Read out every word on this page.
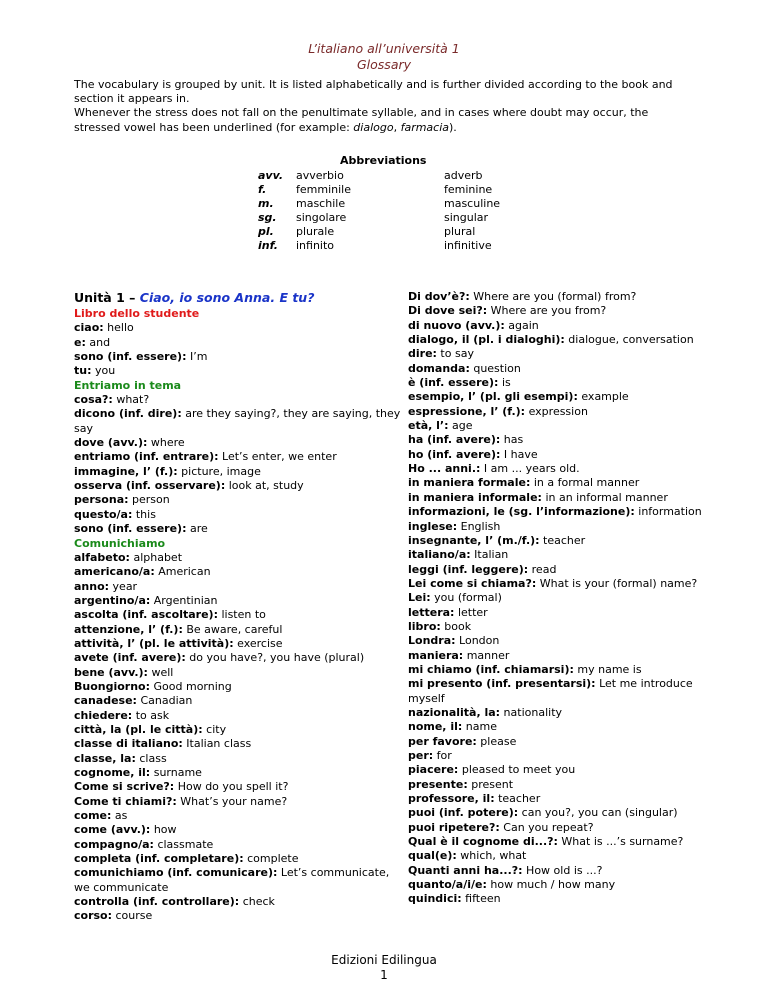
L’italiano all’università 1
Glossary

The vocabulary is grouped by unit. It is listed alphabetically and is further divided according to the book and section it appears in.

Whenever the stress does not fall on the penultimate syllable, and in cases where doubt may occur, the stressed vowel has been underlined (for example: dialogo, farmacia).

Abbreviations
avv. avverbio	adverb
f.	femminile	feminine
m. maschile	masculine
sg. singolare	singular
pl. plurale	plural
inf. infinito	infinitive
Unità 1 – Ciao, io sono Anna. E tu?
Libro dello studente
ciao: hello
e: and
sono (inf. essere): I’m
tu: you
Entriamo in tema
cosa?: what?
dicono (inf. dire): are they saying?, they are saying, they say
dove (avv.): where
entriamo (inf. entrare): Let’s enter, we enter
immagine, l’ (f.): picture, image
osserva (inf. osservare): look at, study
persona: person
questo/a: this
sono (inf. essere): are
Comunichiamo
alfabeto: alphabet
americano/a: American
anno: year
argentino/a: Argentinian
ascolta (inf. ascoltare): listen to
attenzione, l’ (f.): Be aware, careful
attività, l’ (pl. le attività): exercise
avete (inf. avere): do you have?, you have (plural)
bene (avv.): well
Buongiorno: Good morning
canadese: Canadian
chiedere: to ask
città, la (pl. le città): city
classe di italiano: Italian class
classe, la: class
cognome, il: surname
Come si scrive?: How do you spell it?
Come ti chiami?: What’s your name?
come: as
come (avv.): how
compagno/a: classmate
completa (inf. completare): complete
comunichiamo (inf. comunicare): Let’s communicate, we communicate
controlla (inf. controllare): check
corso: course
Di dov’è?: Where are you (formal) from?
Di dove sei?: Where are you from?
di nuovo (avv.): again
dialogo, il (pl. i dialoghi): dialogue, conversation
dire: to say
domanda: question
è (inf. essere): is
esempio, l’ (pl. gli esempi): example
espressione, l’ (f.): expression
età, l’: age
ha (inf. avere): has
ho (inf. avere): I have
Ho ... anni.: I am ... years old.
in maniera formale: in a formal manner
in maniera informale: in an informal manner
informazioni, le (sg. l’informazione): information
inglese: English
insegnante, l’ (m./f.): teacher
italiano/a: Italian
leggi (inf. leggere): read
Lei come si chiama?: What is your (formal) name?
Lei: you (formal)
lettera: letter
libro: book
Londra: London
maniera: manner
mi chiamo (inf. chiamarsi): my name is
mi presento (inf. presentarsi): Let me introduce myself
nazionalità, la: nationality
nome, il: name
per favore: please
per: for
piacere: pleased to meet you
presente: present
professore, il: teacher
puoi (inf. potere): can you?, you can (singular)
puoi ripetere?: Can you repeat?
Qual è il cognome di...?: What is ...’s surname?
qual(e): which, what
Quanti anni ha...?: How old is ...?
quanto/a/i/e: how much / how many
quindici: fifteen
Edizioni Edilingua
1
